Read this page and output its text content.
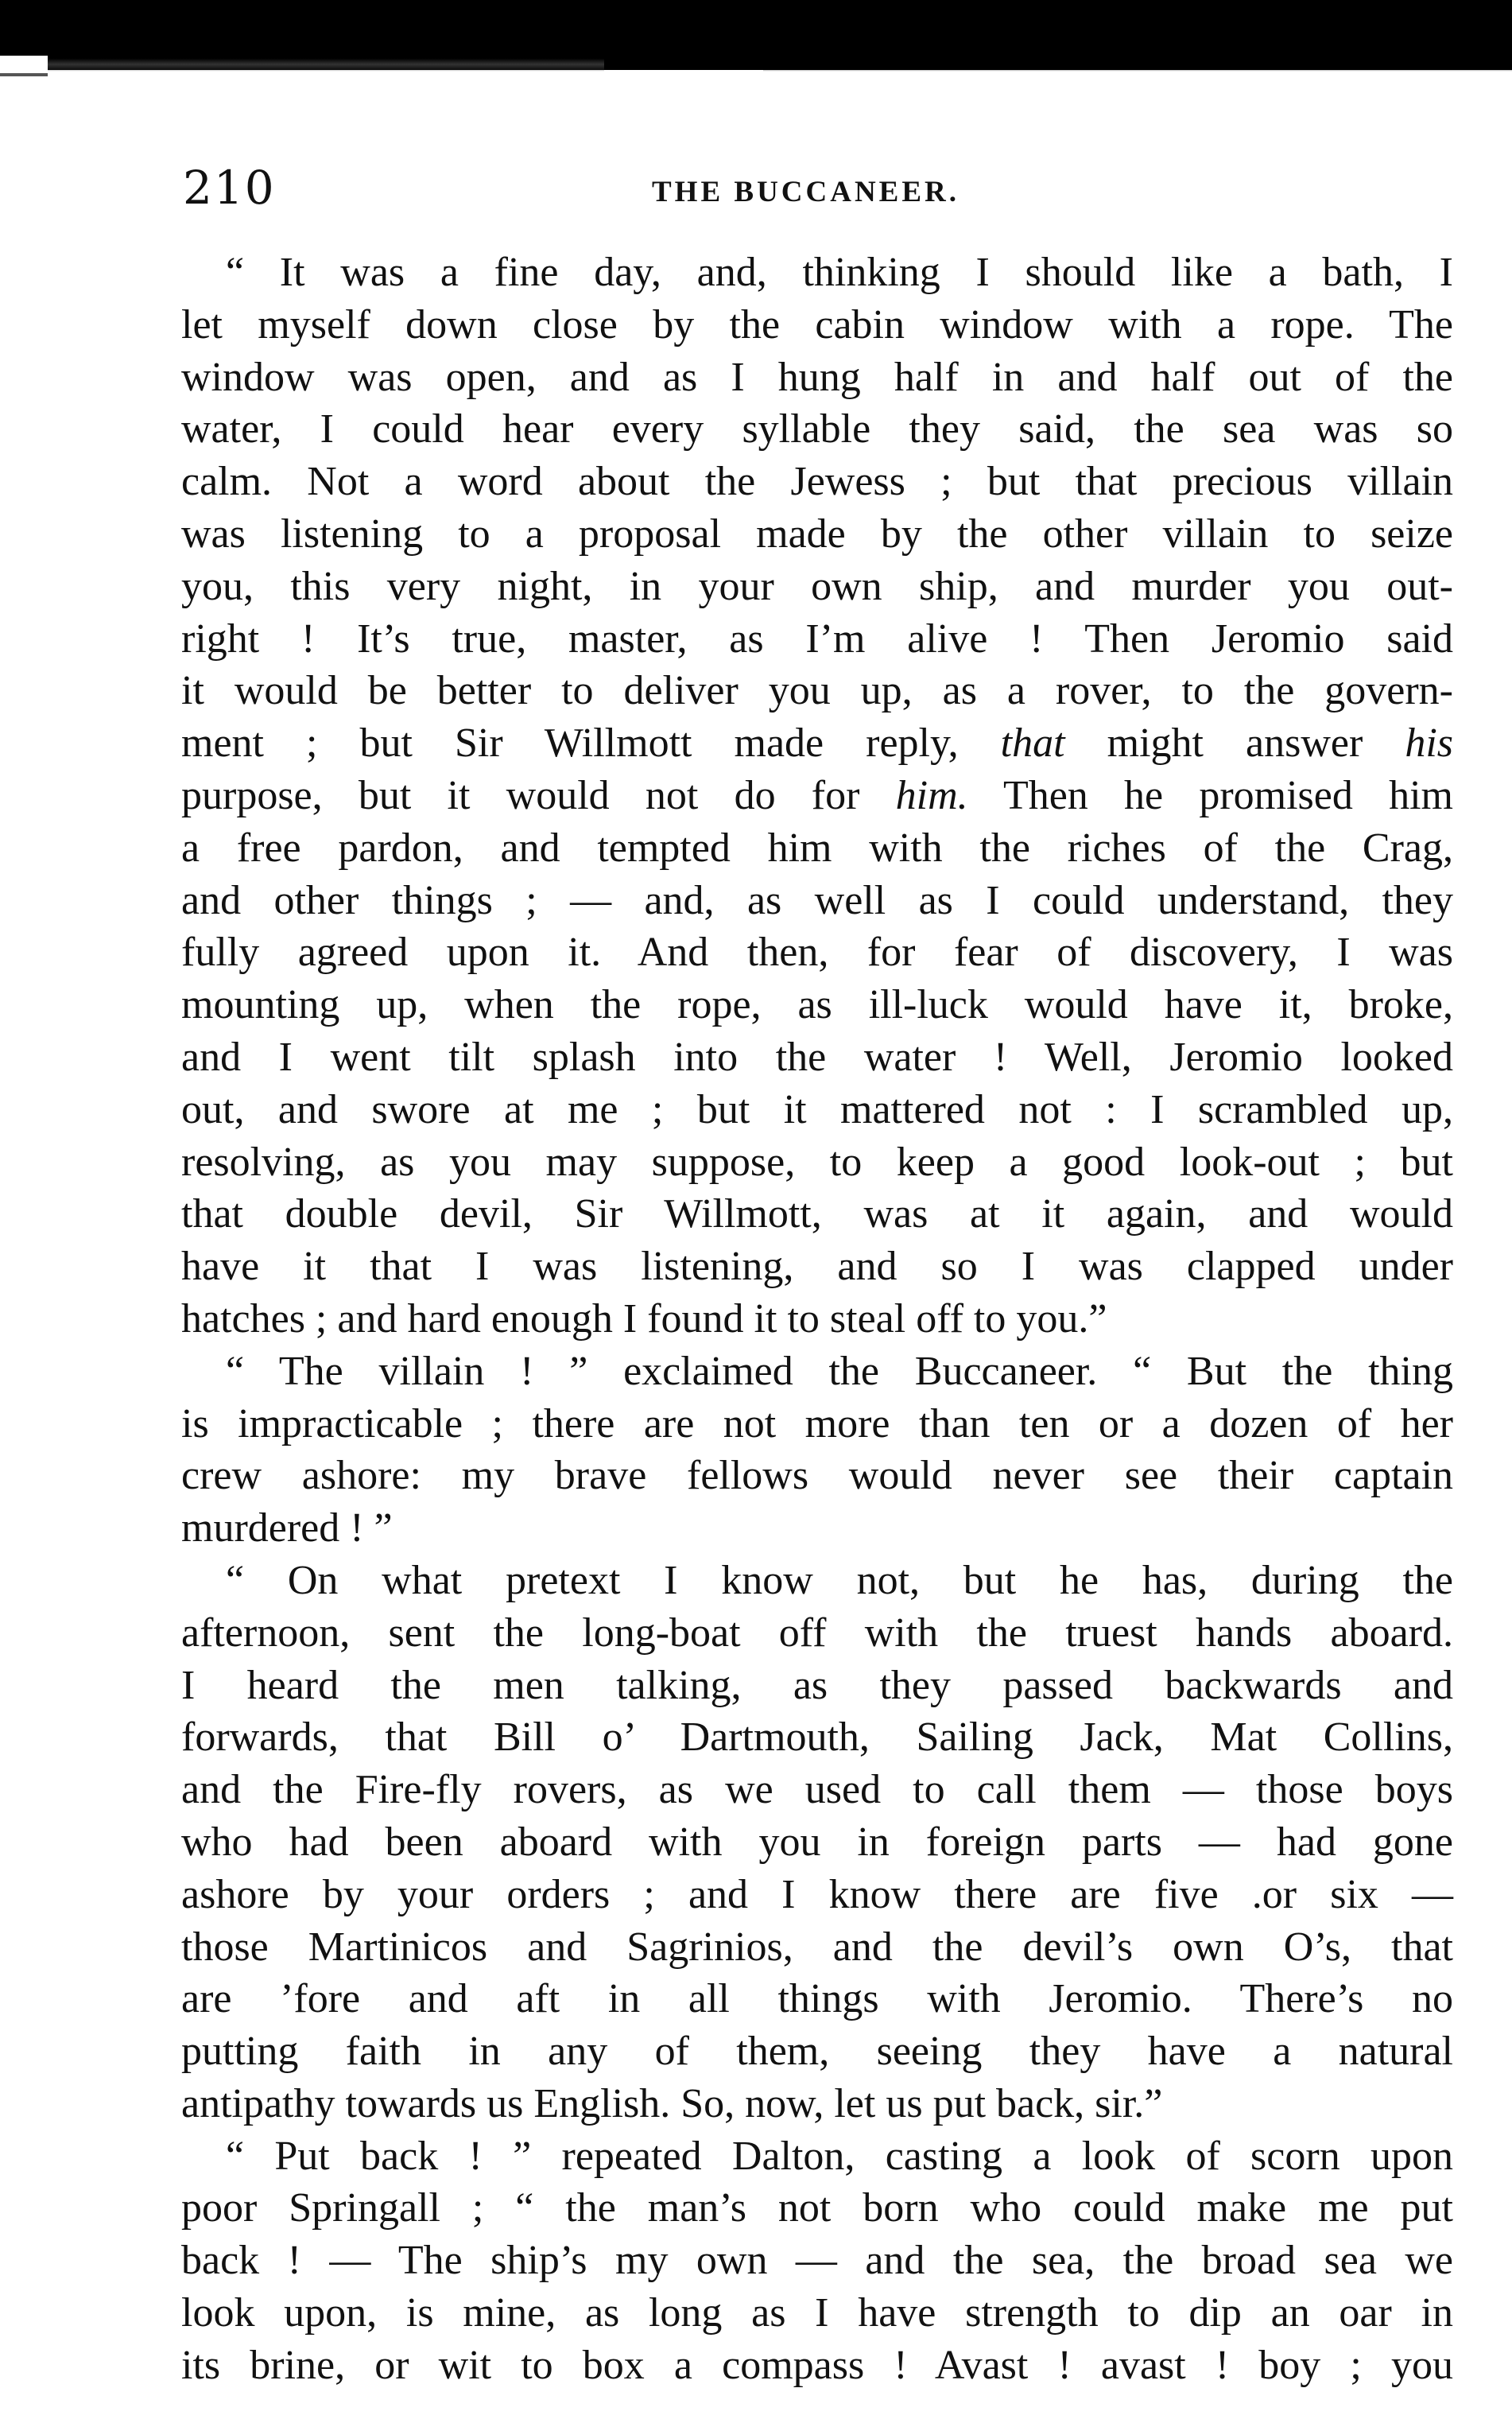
210	THE BUCCANEER.
“ It was a fine day, and, thinking I should like a bath, I
let myself down close by the cabin window with a rope. The
window was open, and as I hung half in and half out of the
water, I could hear every syllable they said, the sea was so
calm. Not a word about the Jewess ; but that precious villain
was listening to a proposal made by the other villain to seize
you, this very night, in your own ship, and murder you out-
right ! It’s true, master, as I’m alive ! Then Jeromio said
it would be better to deliver you up, as a rover, to the govern-
ment ; but Sir Willmott made reply, that might answer his
purpose, but it would not do for him. Then he promised him
a free pardon, and tempted him with the riches of the Crag,
and other things ; — and, as well as I could understand, they
fully agreed upon it. And then, for fear of discovery, I was
mounting up, when the rope, as ill-luck would have it, broke,
and I went tilt splash into the water ! Well, Jeromio looked
out, and swore at me ; but it mattered not : I scrambled up,
resolving, as you may suppose, to keep a good look-out ; but
that double devil, Sir Willmott, was at it again, and would
have it that I was listening, and so I was clapped under
hatches ; and hard enough I found it to steal off to you.”
“ The villain ! ” exclaimed the Buccaneer. “ But the thing
is impracticable ; there are not more than ten or a dozen of her
crew ashore: my brave fellows would never see their captain
murdered ! ”
“ On what pretext I know not, but he has, during the
afternoon, sent the long-boat off with the truest hands aboard.
I heard the men talking, as they passed backwards and
forwards, that Bill o’ Dartmouth, Sailing Jack, Mat Collins,
and the Fire-fly rovers, as we used to call them — those boys
who had been aboard with you in foreign parts — had gone
ashore by your orders ; and I know there are five .or six —
those Martinicos and Sagrinios, and the devil’s own O’s, that
are ’fore and aft in all things with Jeromio. There’s no
putting faith in any of them, seeing they have a natural
antipathy towards us English. So, now, let us put back, sir.”
“ Put back ! ” repeated Dalton, casting a look of scorn upon
poor Springall ; “ the man’s not born who could make me put
back ! — The ship’s my own — and the sea, the broad sea we
look upon, is mine, as long as I have strength to dip an oar in
its brine, or wit to box a compass ! Avast ! avast ! boy ; you
